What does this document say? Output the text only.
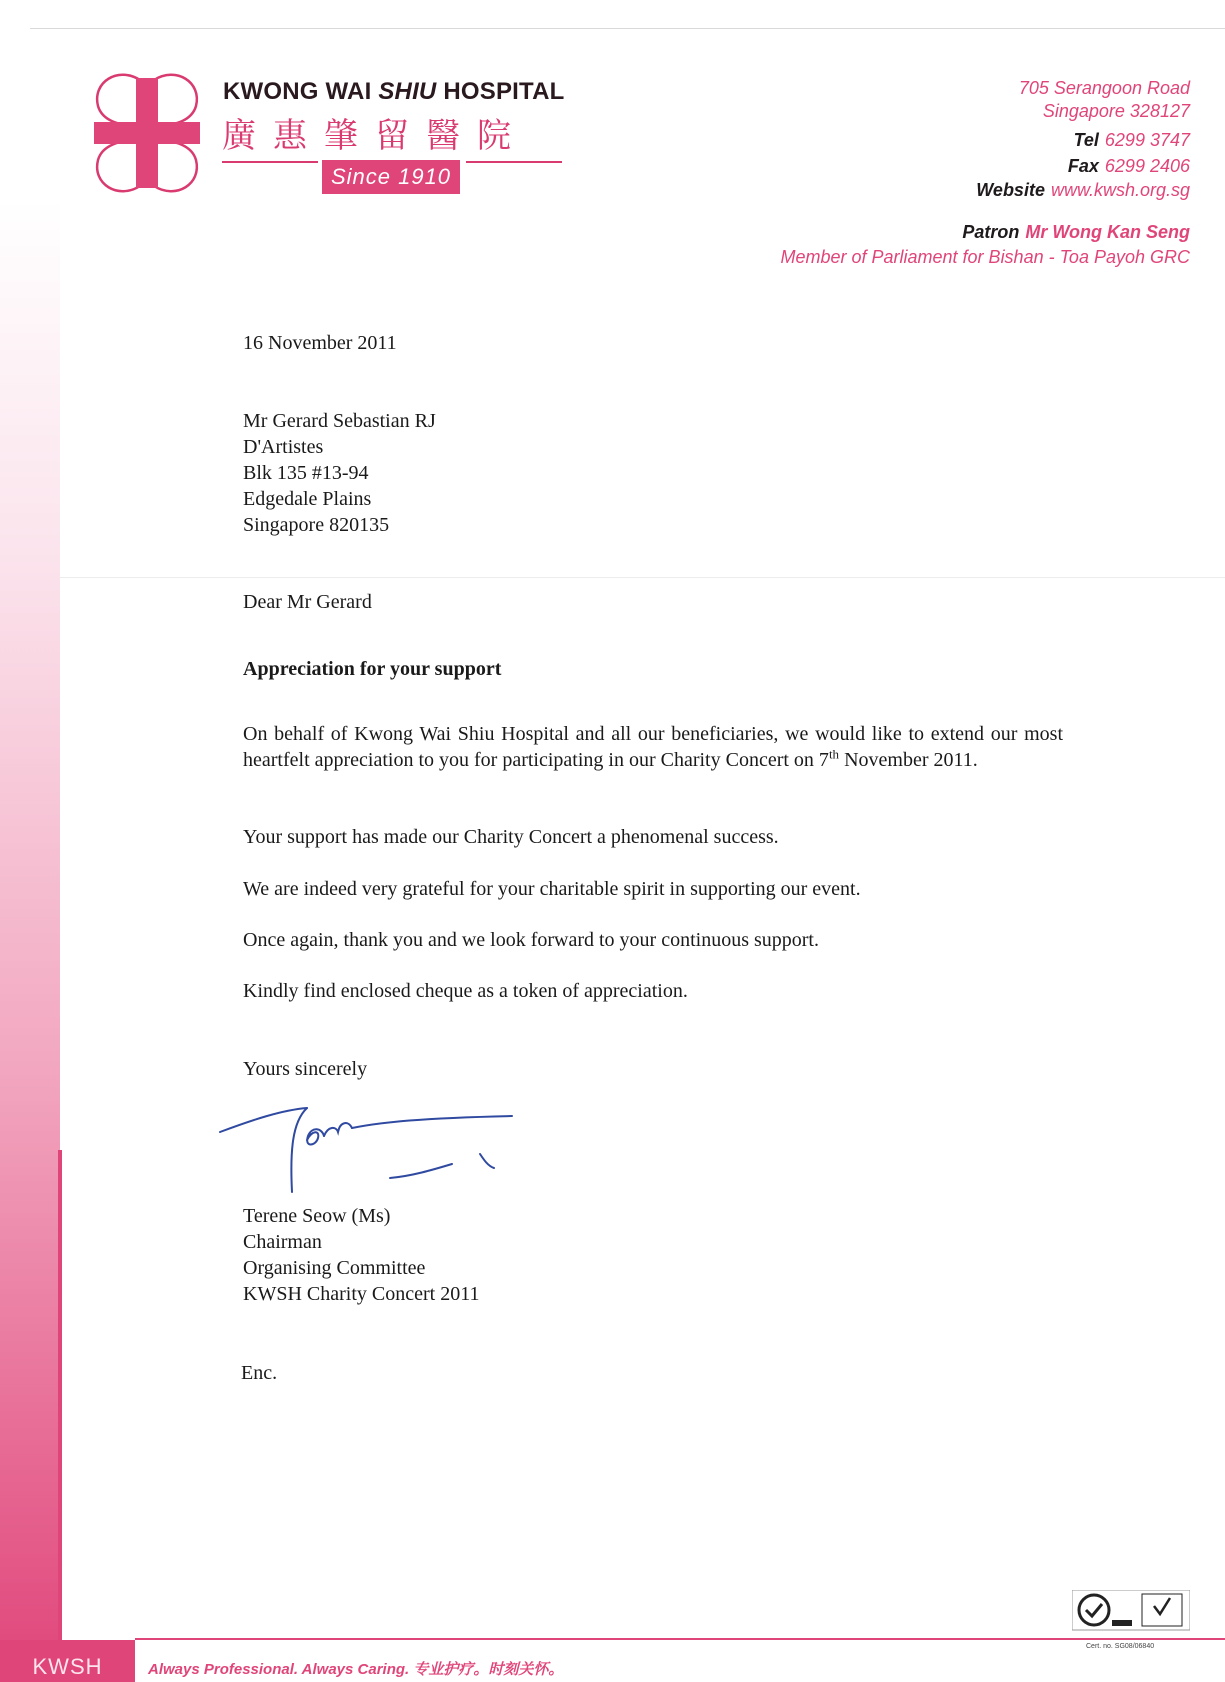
KWONG WAI SHIU HOSPITAL
廣惠肇留醫院
Since 1910
705 Serangoon Road
Singapore 328127
Tel 6299 3747
Fax 6299 2406
Website www.kwsh.org.sg
Patron Mr Wong Kan Seng
Member of Parliament for Bishan - Toa Payoh GRC
16 November 2011
Mr Gerard Sebastian RJ
D'Artistes
Blk 135 #13-94
Edgedale Plains
Singapore 820135
Dear Mr Gerard
Appreciation for your support
On behalf of Kwong Wai Shiu Hospital and all our beneficiaries, we would like to extend our most heartfelt appreciation to you for participating in our Charity Concert on 7th November 2011.
Your support has made our Charity Concert a phenomenal success.
We are indeed very grateful for your charitable spirit in supporting our event.
Once again, thank you and we look forward to your continuous support.
Kindly find enclosed cheque as a token of appreciation.
Yours sincerely
Terene Seow (Ms)
Chairman
Organising Committee
KWSH Charity Concert 2011
Enc.
Cert. no. SG08/06840
KWSH	Always Professional. Always Caring. 专业护疗。时刻关怀。
